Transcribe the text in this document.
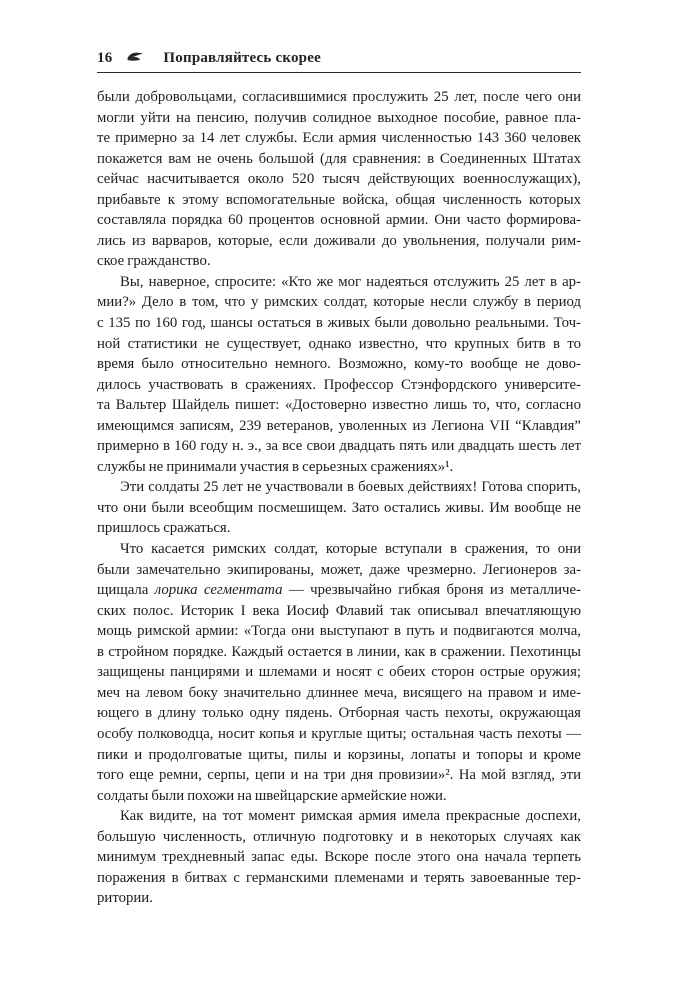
16	Поправляйтесь скорее
были добровольцами, согласившимися прослужить 25 лет, после чего они
могли уйти на пенсию, получив солидное выходное пособие, равное пла-
те примерно за 14 лет службы. Если армия численностью 143 360 человек
покажется вам не очень большой (для сравнения: в Соединенных Штатах
сейчас насчитывается около 520 тысяч действующих военнослужащих),
прибавьте к этому вспомогательные войска, общая численность которых
составляла порядка 60 процентов основной армии. Они часто формирова-
лись из варваров, которые, если доживали до увольнения, получали рим-
ское гражданство.
Вы, наверное, спросите: «Кто же мог надеяться отслужить 25 лет в ар-
мии?» Дело в том, что у римских солдат, которые несли службу в период
с 135 по 160 год, шансы остаться в живых были довольно реальными. Точ-
ной статистики не существует, однако известно, что крупных битв в то
время было относительно немного. Возможно, кому-то вообще не дово-
дилось участвовать в сражениях. Профессор Стэнфордского университе-
та Вальтер Шайдель пишет: «Достоверно известно лишь то, что, согласно
имеющимся записям, 239 ветеранов, уволенных из Легиона VII “Клавдия”
примерно в 160 году н. э., за все свои двадцать пять или двадцать шесть лет
службы не принимали участия в серьезных сражениях»¹.
Эти солдаты 25 лет не участвовали в боевых действиях! Готова спорить,
что они были всеобщим посмешищем. Зато остались живы. Им вообще не
пришлось сражаться.
Что касается римских солдат, которые вступали в сражения, то они
были замечательно экипированы, может, даже чрезмерно. Легионеров за-
щищала лорика сегментата — чрезвычайно гибкая броня из металличе-
ских полос. Историк I века Иосиф Флавий так описывал впечатляющую
мощь римской армии: «Тогда они выступают в путь и подвигаются молча,
в стройном порядке. Каждый остается в линии, как в сражении. Пехотинцы
защищены панцирями и шлемами и носят с обеих сторон острые оружия;
меч на левом боку значительно длиннее меча, висящего на правом и име-
ющего в длину только одну пядень. Отборная часть пехоты, окружающая
особу полководца, носит копья и круглые щиты; остальная часть пехоты —
пики и продолговатые щиты, пилы и корзины, лопаты и топоры и кроме
того еще ремни, серпы, цепи и на три дня провизии»². На мой взгляд, эти
солдаты были похожи на швейцарские армейские ножи.
Как видите, на тот момент римская армия имела прекрасные доспехи,
большую численность, отличную подготовку и в некоторых случаях как
минимум трехдневный запас еды. Вскоре после этого она начала терпеть
поражения в битвах с германскими племенами и терять завоеванные тер-
ритории.
